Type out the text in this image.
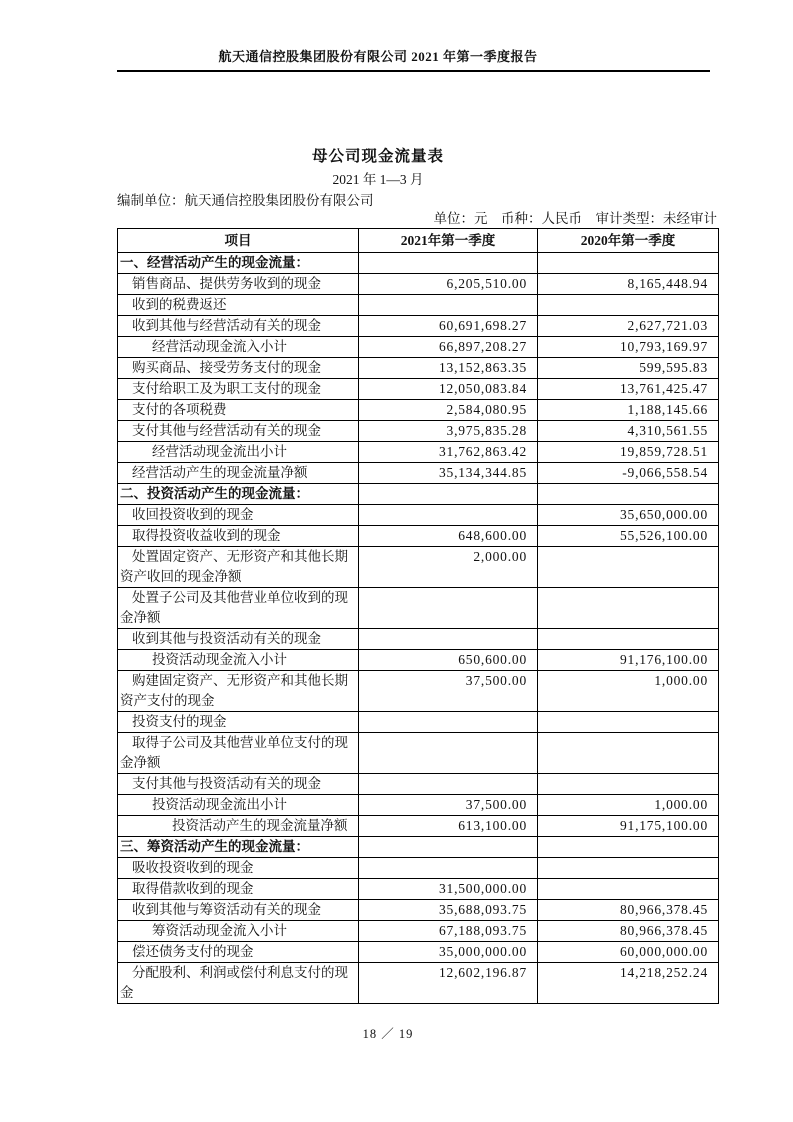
航天通信控股集团股份有限公司 2021 年第一季度报告
母公司现金流量表
2021 年 1—3 月
编制单位：航天通信控股集团股份有限公司
单位：元　币种：人民币　审计类型：未经审计
项目	2021年第一季度	2020年第一季度
一、经营活动产生的现金流量：		
销售商品、提供劳务收到的现金	6,205,510.00	8,165,448.94
收到的税费返还		
收到其他与经营活动有关的现金	60,691,698.27	2,627,721.03
经营活动现金流入小计	66,897,208.27	10,793,169.97
购买商品、接受劳务支付的现金	13,152,863.35	599,595.83
支付给职工及为职工支付的现金	12,050,083.84	13,761,425.47
支付的各项税费	2,584,080.95	1,188,145.66
支付其他与经营活动有关的现金	3,975,835.28	4,310,561.55
经营活动现金流出小计	31,762,863.42	19,859,728.51
经营活动产生的现金流量净额	35,134,344.85	-9,066,558.54
二、投资活动产生的现金流量：		
收回投资收到的现金		35,650,000.00
取得投资收益收到的现金	648,600.00	55,526,100.00
处置固定资产、无形资产和其他长期资产收回的现金净额	2,000.00	
处置子公司及其他营业单位收到的现金净额		
收到其他与投资活动有关的现金		
投资活动现金流入小计	650,600.00	91,176,100.00
购建固定资产、无形资产和其他长期资产支付的现金	37,500.00	1,000.00
投资支付的现金		
取得子公司及其他营业单位支付的现金净额		
支付其他与投资活动有关的现金		
投资活动现金流出小计	37,500.00	1,000.00
投资活动产生的现金流量净额	613,100.00	91,175,100.00
三、筹资活动产生的现金流量：		
吸收投资收到的现金		
取得借款收到的现金	31,500,000.00	
收到其他与筹资活动有关的现金	35,688,093.75	80,966,378.45
筹资活动现金流入小计	67,188,093.75	80,966,378.45
偿还债务支付的现金	35,000,000.00	60,000,000.00
分配股利、利润或偿付利息支付的现金	12,602,196.87	14,218,252.24
18 ／ 19
